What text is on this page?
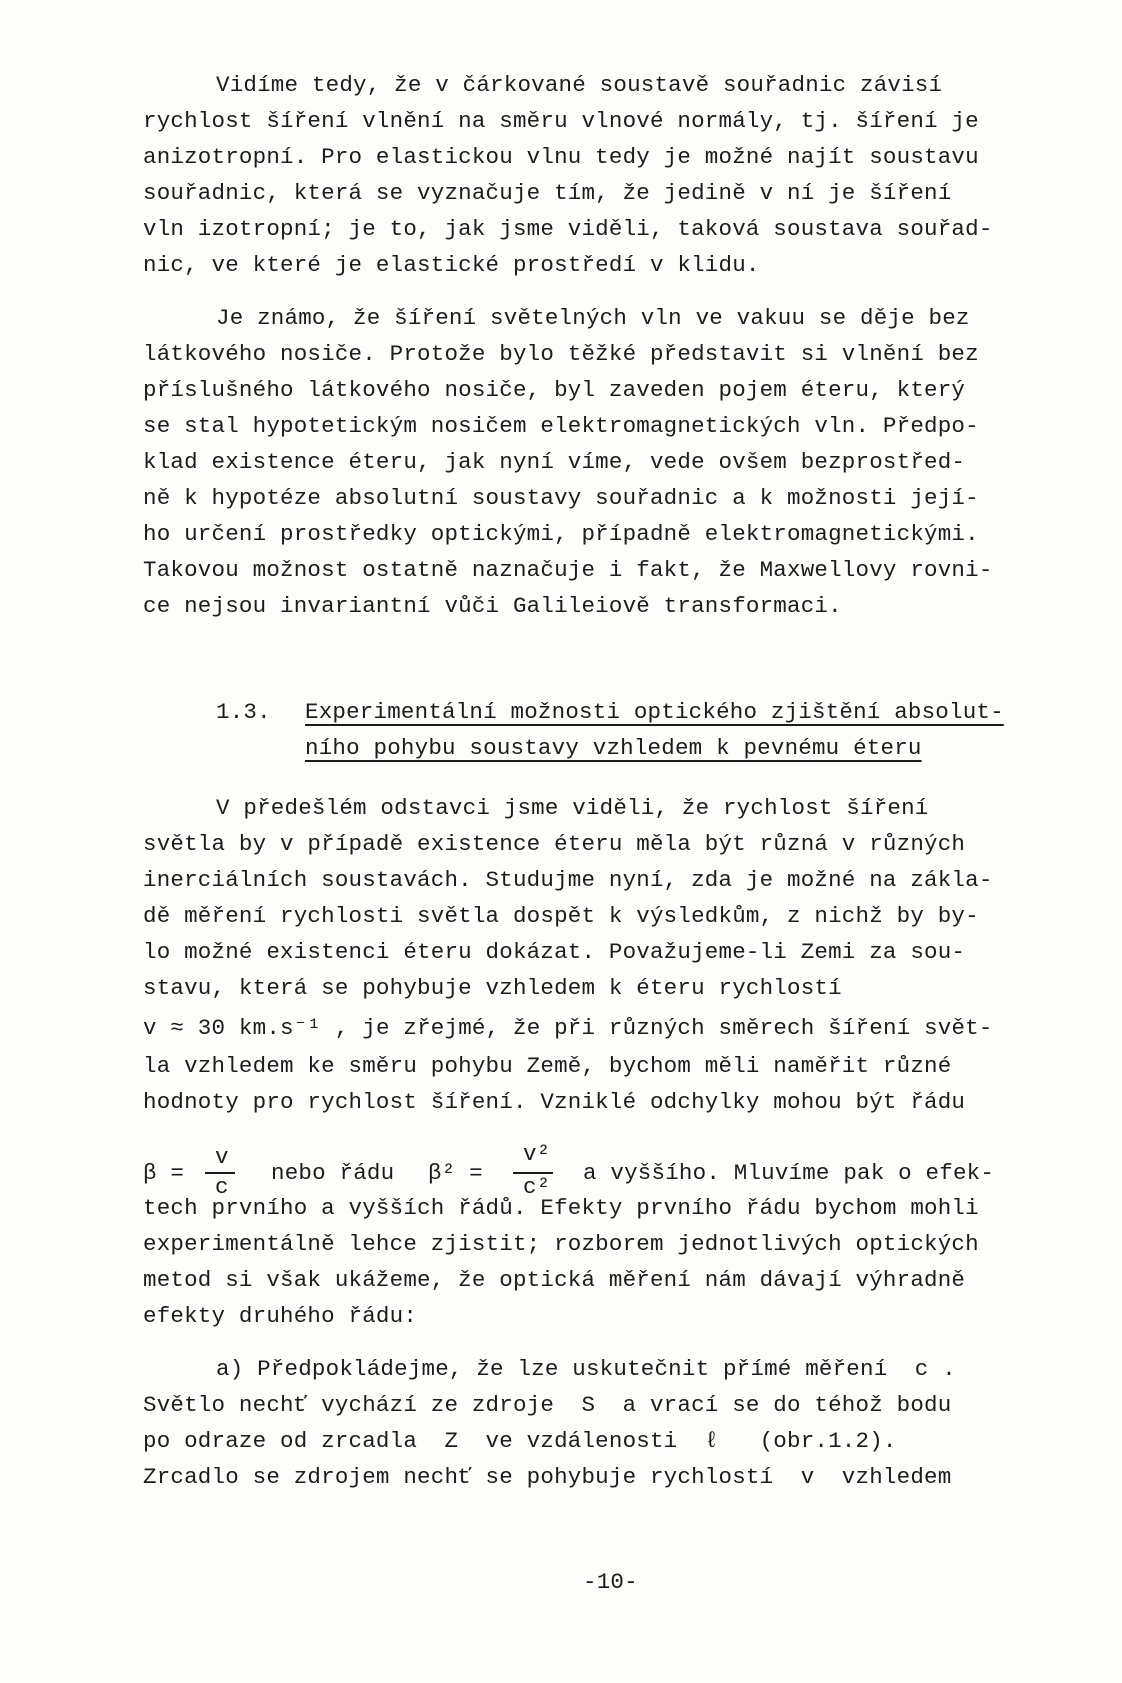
Vidíme tedy, že v čárkované soustavě souřadnic závisí
rychlost šíření vlnění na směru vlnové normály, tj. šíření je
anizotropní. Pro elastickou vlnu tedy je možné najít soustavu
souřadnic, která se vyznačuje tím, že jedině v ní je šíření
vln izotropní; je to, jak jsme viděli, taková soustava souřad-
nic, ve které je elastické prostředí v klidu.
Je známo, že šíření světelných vln ve vakuu se děje bez
látkového nosiče. Protože bylo těžké představit si vlnění bez
příslušného látkového nosiče, byl zaveden pojem éteru, který
se stal hypotetickým nosičem elektromagnetických vln. Předpo-
klad existence éteru, jak nyní víme, vede ovšem bezprostřed-
ně k hypotéze absolutní soustavy souřadnic a k možnosti její-
ho určení prostředky optickými, případně elektromagnetickými.
Takovou možnost ostatně naznačuje i fakt, že Maxwellovy rovni-
ce nejsou invariantní vůči Galileiově transformaci.
1.3. Experimentální možnosti optického zjištění absolut-
ního pohybu soustavy vzhledem k pevnému éteru
V předešlém odstavci jsme viděli, že rychlost šíření
světla by v případě existence éteru měla být různá v různých
inerciálních soustavách. Studujme nyní, zda je možné na zákla-
dě měření rychlosti světla dospět k výsledkům, z nichž by by-
lo možné existenci éteru dokázat. Považujeme-li Zemi za sou-
stavu, která se pohybuje vzhledem k éteru rychlostí
v ≈ 30 km.s⁻¹ , je zřejmé, že při různých směrech šíření svět-
la vzhledem ke směru pohybu Země, bychom měli naměřit různé
hodnoty pro rychlost šíření. Vzniklé odchylky mohou být řádu
β =
v
c
nebo řádu β² =
v²
c²
a vyššího. Mluvíme pak o efek-
tech prvního a vyšších řádů. Efekty prvního řádu bychom mohli
experimentálně lehce zjistit; rozborem jednotlivých optických
metod si však ukážeme, že optická měření nám dávají výhradně
efekty druhého řádu:
a) Předpokládejme, že lze uskutečnit přímé měření  c .
Světlo nechť vychází ze zdroje  S  a vrací se do téhož bodu
po odraze od zrcadla  Z  ve vzdálenosti  ℓ   (obr.1.2).
Zrcadlo se zdrojem nechť se pohybuje rychlostí  v  vzhledem
-10-
